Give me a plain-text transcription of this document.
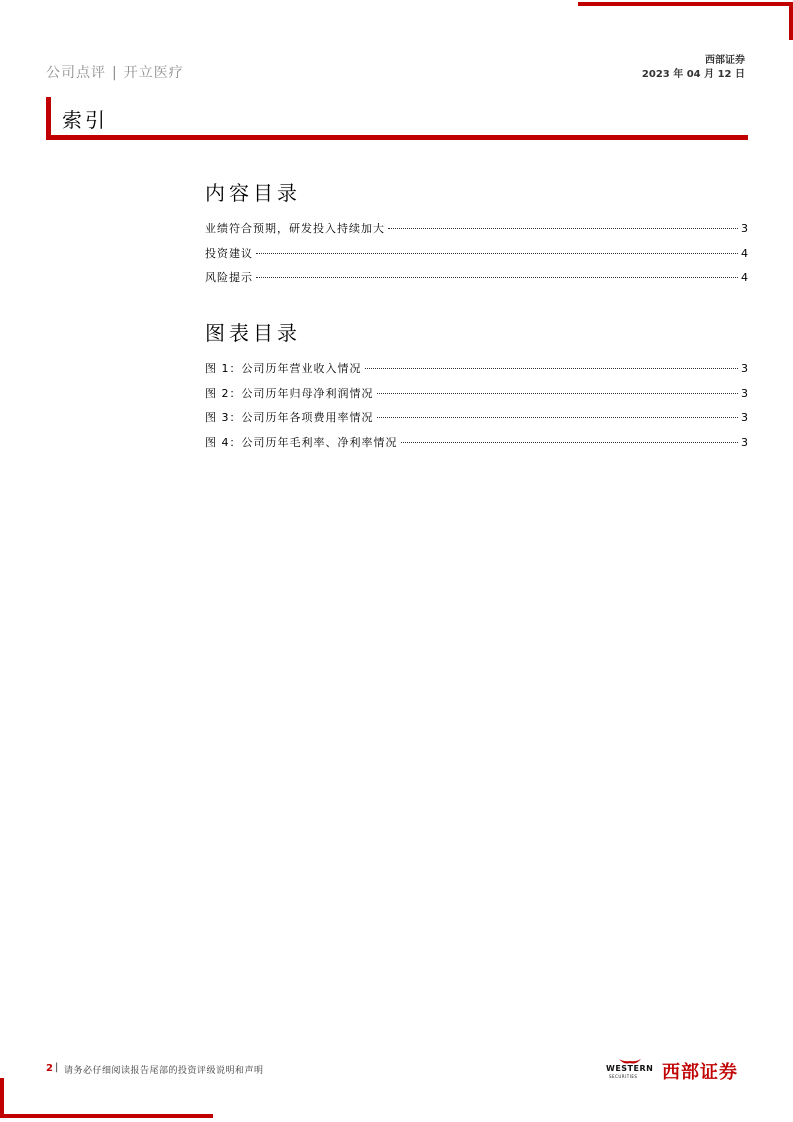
公司点评 | 开立医疗
西部证券
2023 年 04 月 12 日
索引
内容目录
业绩符合预期，研发投入持续加大	3
投资建议	4
风险提示	4
图表目录
图 1：公司历年营业收入情况	3
图 2：公司历年归母净利润情况	3
图 3：公司历年各项费用率情况	3
图 4：公司历年毛利率、净利率情况	3
2 | 请务必仔细阅读报告尾部的投资评级说明和声明	WESTERN
SECURITIES 西部证券
